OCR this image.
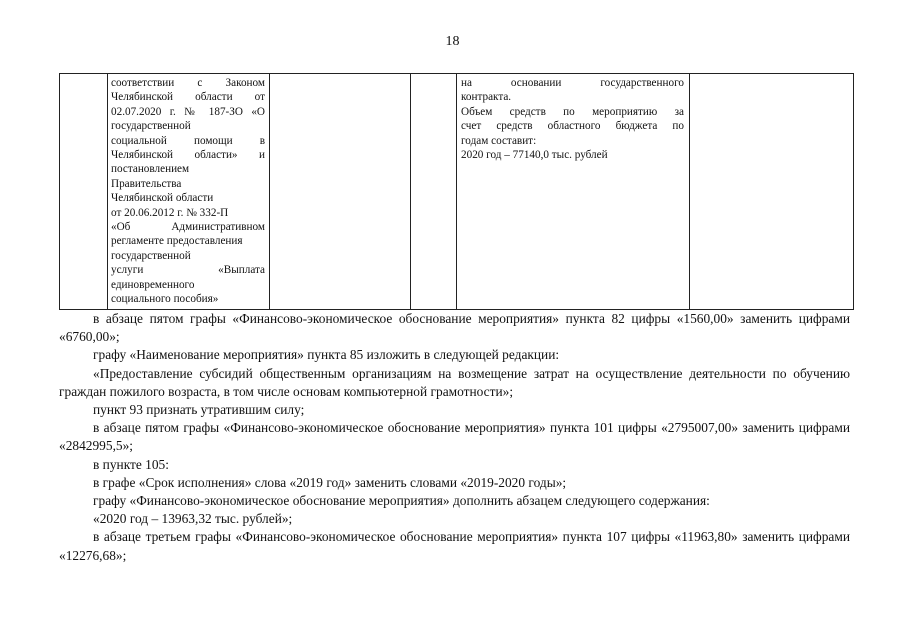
18
соответствии с Законом
Челябинской области от
02.07.2020 г. № 187-ЗО «О
государственной
социальной помощи в
Челябинской области» и
постановлением
Правительства
Челябинской области
от 20.06.2012 г. № 332-П
«Об Административном
регламенте предоставления
государственной
услуги «Выплата
единовременного
социального пособия»
на основании государственного
контракта.
Объем средств по мероприятию за
счет средств областного бюджета по
годам составит:
2020 год – 77140,0 тыс. рублей
в абзаце пятом графы «Финансово-экономическое обоснование мероприятия» пункта 82 цифры «1560,00» заменить цифрами «6760,00»;
графу «Наименование мероприятия» пункта 85 изложить в следующей редакции:
«Предоставление субсидий общественным организациям на возмещение затрат на осуществление деятельности по обучению граждан пожилого возраста, в том числе основам компьютерной грамотности»;
пункт 93 признать утратившим силу;
в абзаце пятом графы «Финансово-экономическое обоснование мероприятия» пункта 101 цифры «2795007,00» заменить цифрами «2842995,5»;
в пункте 105:
в графе «Срок исполнения» слова «2019 год» заменить словами «2019-2020 годы»;
графу «Финансово-экономическое обоснование мероприятия» дополнить абзацем следующего содержания:
«2020 год – 13963,32 тыс. рублей»;
в абзаце третьем графы «Финансово-экономическое обоснование мероприятия» пункта 107 цифры «11963,80» заменить цифрами «12276,68»;
